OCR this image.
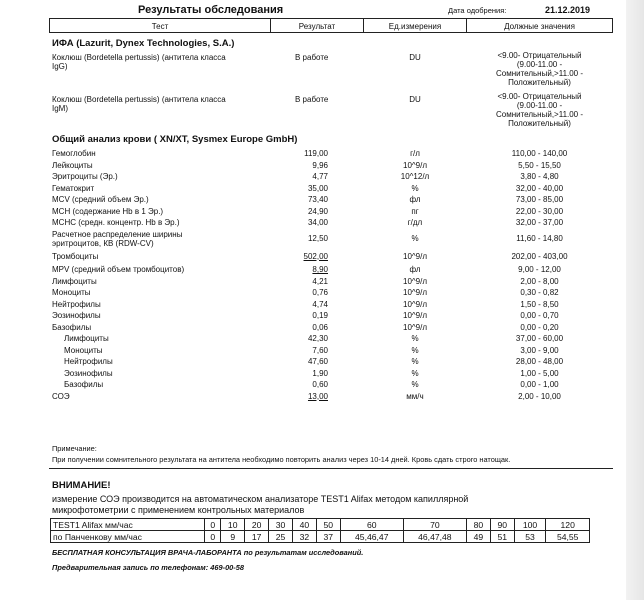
Результаты обследования	Дата одобрения:	21.12.2019
Тест	Результат	Ед.измерения	Должные значения
ИФА (Lazurit, Dynex Technologies, S.A.)
Коклюш (Bordetella pertussis) (антитела класса
IgG)
В работе	DU	<9.00- Отрицательный
(9.00-11.00 -
Сомнительный,>11.00 -
Положительный)
Коклюш (Bordetella pertussis) (антитела класса
IgM)
В работе	DU	<9.00- Отрицательный
(9.00-11.00 -
Сомнительный,>11.00 -
Положительный)
Общий анализ крови ( XN/XT, Sysmex Europe GmbH)
Гемоглобин	119,00	г/л	110,00 - 140,00
Лейкоциты	9,96	10^9/л	5,50 - 15,50
Эритроциты (Эр.)	4,77	10^12/л	3,80 - 4,80
Гематокрит	35,00	%	32,00 - 40,00
MCV (средний объем Эр.)	73,40	фл	73,00 - 85,00
MCH (содержание Hb в 1 Эр.)	24,90	пг	22,00 - 30,00
MCHC (средн. концентр. Hb в Эр.)	34,00	г/дл	32,00 - 37,00
Расчетное распределение ширины
эритроцитов, КВ (RDW-CV)
12,50	%	11,60 - 14,80
Тромбоциты	502,00	10^9/л	202,00 - 403,00
MPV (средний объем тромбоцитов)	8,90	фл	9,00 - 12,00
Лимфоциты	4,21	10^9/л	2,00 - 8,00
Моноциты	0,76	10^9/л	0,30 - 0,82
Нейтрофилы	4,74	10^9/л	1,50 - 8,50
Эозинофилы	0,19	10^9/л	0,00 - 0,70
Базофилы	0,06	10^9/л	0,00 - 0,20
Лимфоциты	42,30	%	37,00 - 60,00
Моноциты	7,60	%	3,00 - 9,00
Нейтрофилы	47,60	%	28,00 - 48,00
Эозинофилы	1,90	%	1,00 - 5,00
Базофилы	0,60	%	0,00 - 1,00
СОЭ	13,00	мм/ч	2,00 - 10,00
Примечание:
При получении сомнительного результата на антитела необходимо повторить анализ через 10-14 дней. Кровь сдать строго натощак.
ВНИМАНИЕ!
измерение СОЭ производится на автоматическом анализаторе TEST1 Alifax методом капиллярной
микрофотометрии с применением контрольных материалов
TEST1 Alifax мм/час	0	10	20	30	40	50	60	70	80	90	100	120
по Панченкову мм/час	0	9	17	25	32	37	45,46,47	46,47,48	49	51	53	54,55
БЕСПЛАТНАЯ КОНСУЛЬТАЦИЯ ВРАЧА-ЛАБОРАНТА по результатам исследований.
Предварительная запись по телефонам: 469-00-58
